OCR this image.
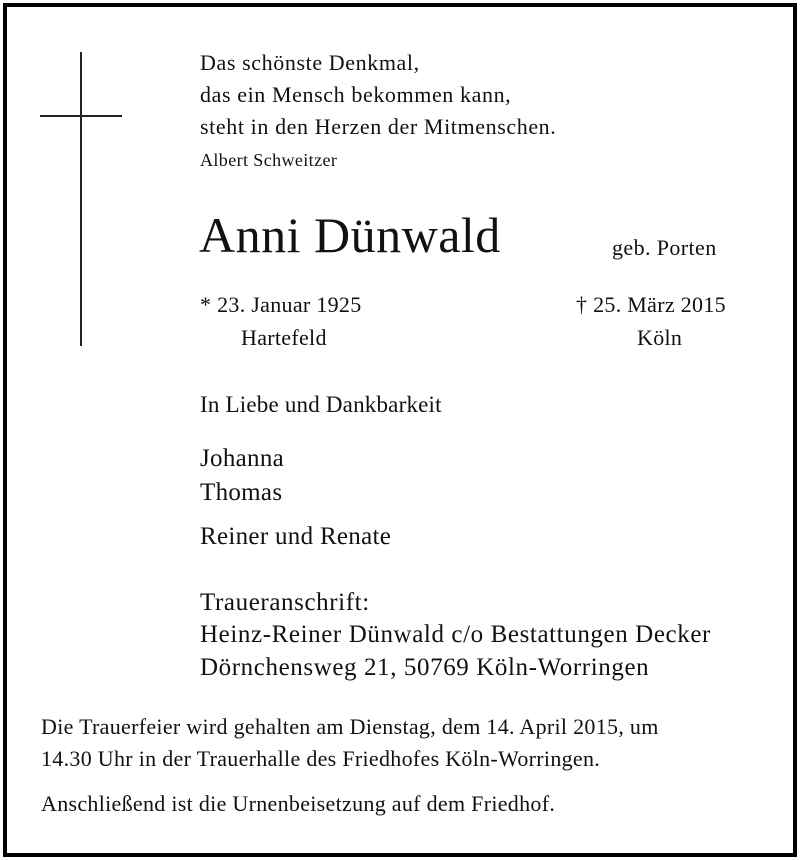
Das schönste Denkmal,
das ein Mensch bekommen kann,
steht in den Herzen der Mitmenschen.
Albert Schweitzer
Anni Dünwald	geb. Porten
* 23. Januar 1925
Hartefeld
† 25. März 2015
Köln
In Liebe und Dankbarkeit
Johanna
Thomas
Reiner und Renate
Traueranschrift:
Heinz-Reiner Dünwald c/o Bestattungen Decker
Dörnchensweg 21, 50769 Köln-Worringen
Die Trauerfeier wird gehalten am Dienstag, dem 14. April 2015, um
14.30 Uhr in der Trauerhalle des Friedhofes Köln-Worringen.
Anschließend ist die Urnenbeisetzung auf dem Friedhof.
